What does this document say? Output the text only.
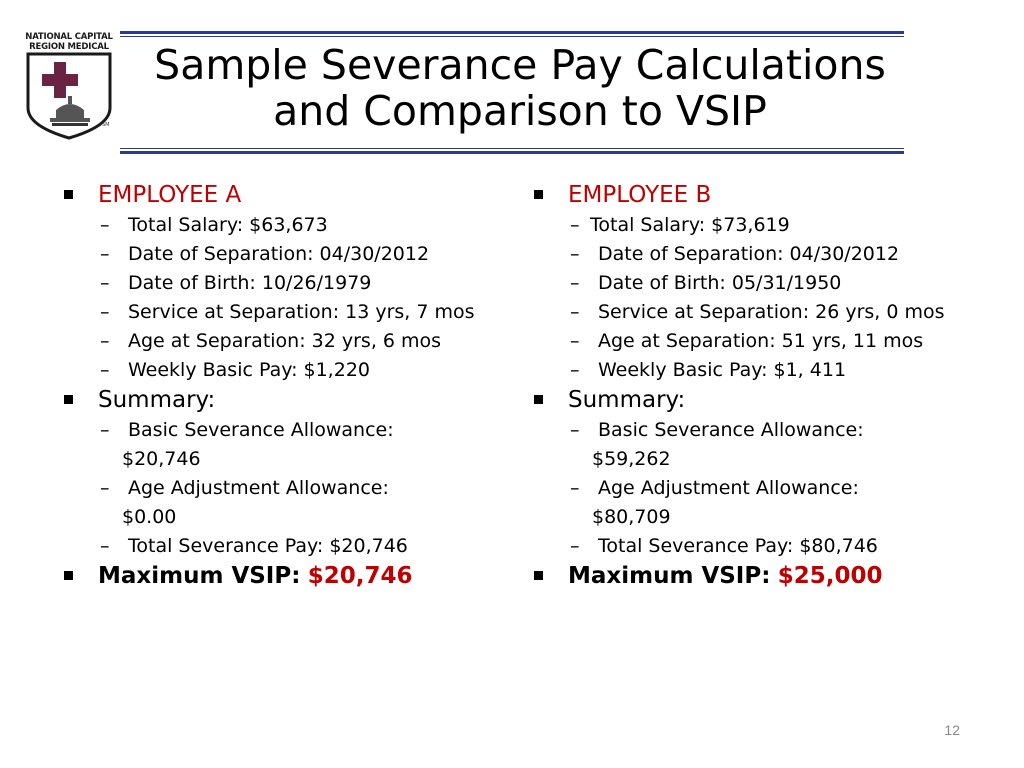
NATIONAL CAPITAL
REGION MEDICAL
SM
Sample Severance Pay Calculations
and Comparison to VSIP
EMPLOYEE A
– Total Salary: $63,673
– Date of Separation: 04/30/2012
– Date of Birth: 10/26/1979
– Service at Separation: 13 yrs, 7 mos
– Age at Separation: 32 yrs, 6 mos
– Weekly Basic Pay: $1,220
Summary:
– Basic Severance Allowance:
$20,746
– Age Adjustment Allowance:
$0.00
– Total Severance Pay: $20,746
Maximum VSIP: $20,746
EMPLOYEE B
– Total Salary: $73,619
– Date of Separation: 04/30/2012
– Date of Birth: 05/31/1950
– Service at Separation: 26 yrs, 0 mos
– Age at Separation: 51 yrs, 11 mos
– Weekly Basic Pay: $1, 411
Summary:
– Basic Severance Allowance:
$59,262
– Age Adjustment Allowance:
$80,709
– Total Severance Pay: $80,746
Maximum VSIP: $25,000
12
